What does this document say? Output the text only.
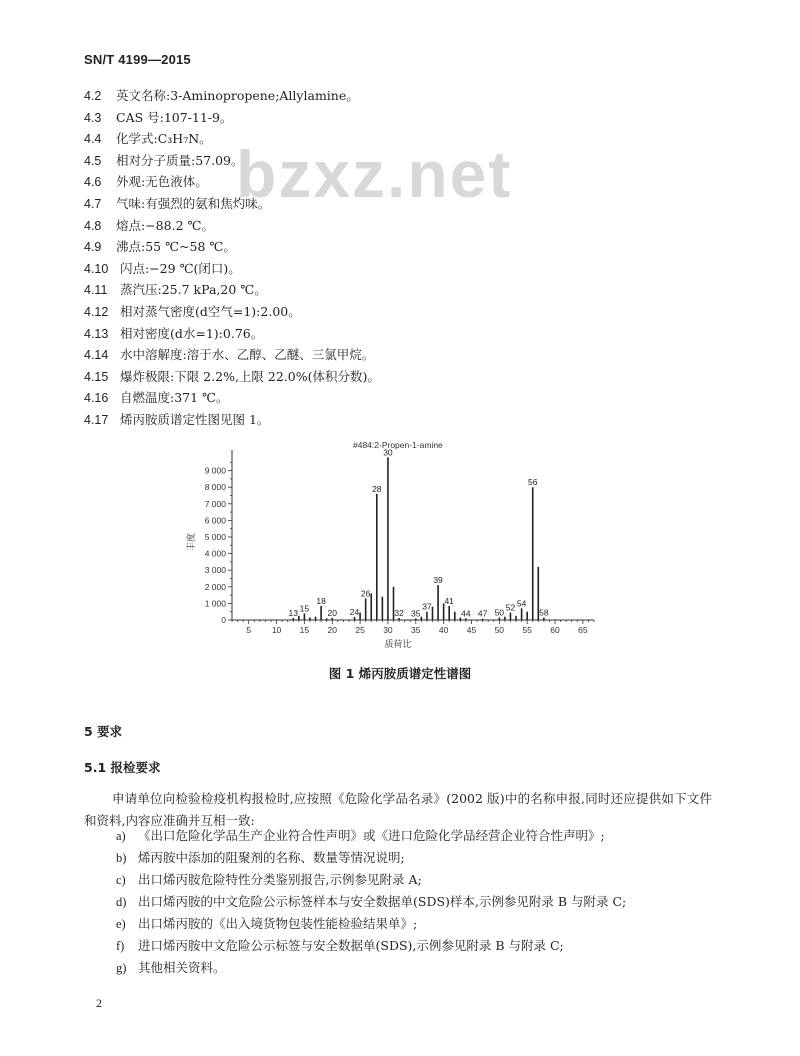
SN/T 4199—2015
bzxz.net
4.2 英文名称:3-Aminopropene;Allylamine。
4.3 CAS 号:107-11-9。
4.4 化学式:C₃H₇N。
4.5 相对分子质量:57.09。
4.6 外观:无色液体。
4.7 气味:有强烈的氨和焦灼味。
4.8 熔点:−88.2 ℃。
4.9 沸点:55 ℃~58 ℃。
4.10 闪点:−29 ℃(闭口)。
4.11 蒸汽压:25.7 kPa,20 ℃。
4.12 相对蒸气密度(d空气=1):2.00。
4.13 相对密度(d水=1):0.76。
4.14 水中溶解度:溶于水、乙醇、乙醚、三氯甲烷。
4.15 爆炸极限:下限 2.2%,上限 22.0%(体积分数)。
4.16 自燃温度:371 ℃。
4.17 烯丙胺质谱定性图见图 1。
#484:2-Propen-1-amine
丰度
质荷比
0
1 000
2 000
3 000
4 000
5 000
6 000
7 000
8 000
9 000
5 10 15 20 25 30 35 40 45 50 55 60 65
13 15
18
20 24
26
28
30
32 35
37
39
41
44 47 50 52 54
56
58
图 1 烯丙胺质谱定性谱图
5 要求
5.1 报检要求
申请单位向检验检疫机构报检时,应按照《危险化学品名录》(2002 版)中的名称申报,同时还应提供如下文件和资料,内容应准确并互相一致:
a) 《出口危险化学品生产企业符合性声明》或《进口危险化学品经营企业符合性声明》;
b) 烯丙胺中添加的阻聚剂的名称、数量等情况说明;
c) 出口烯丙胺危险特性分类鉴别报告,示例参见附录 A;
d) 出口烯丙胺的中文危险公示标签样本与安全数据单(SDS)样本,示例参见附录 B 与附录 C;
e) 出口烯丙胺的《出入境货物包装性能检验结果单》;
f) 进口烯丙胺中文危险公示标签与安全数据单(SDS),示例参见附录 B 与附录 C;
g) 其他相关资料。
2
